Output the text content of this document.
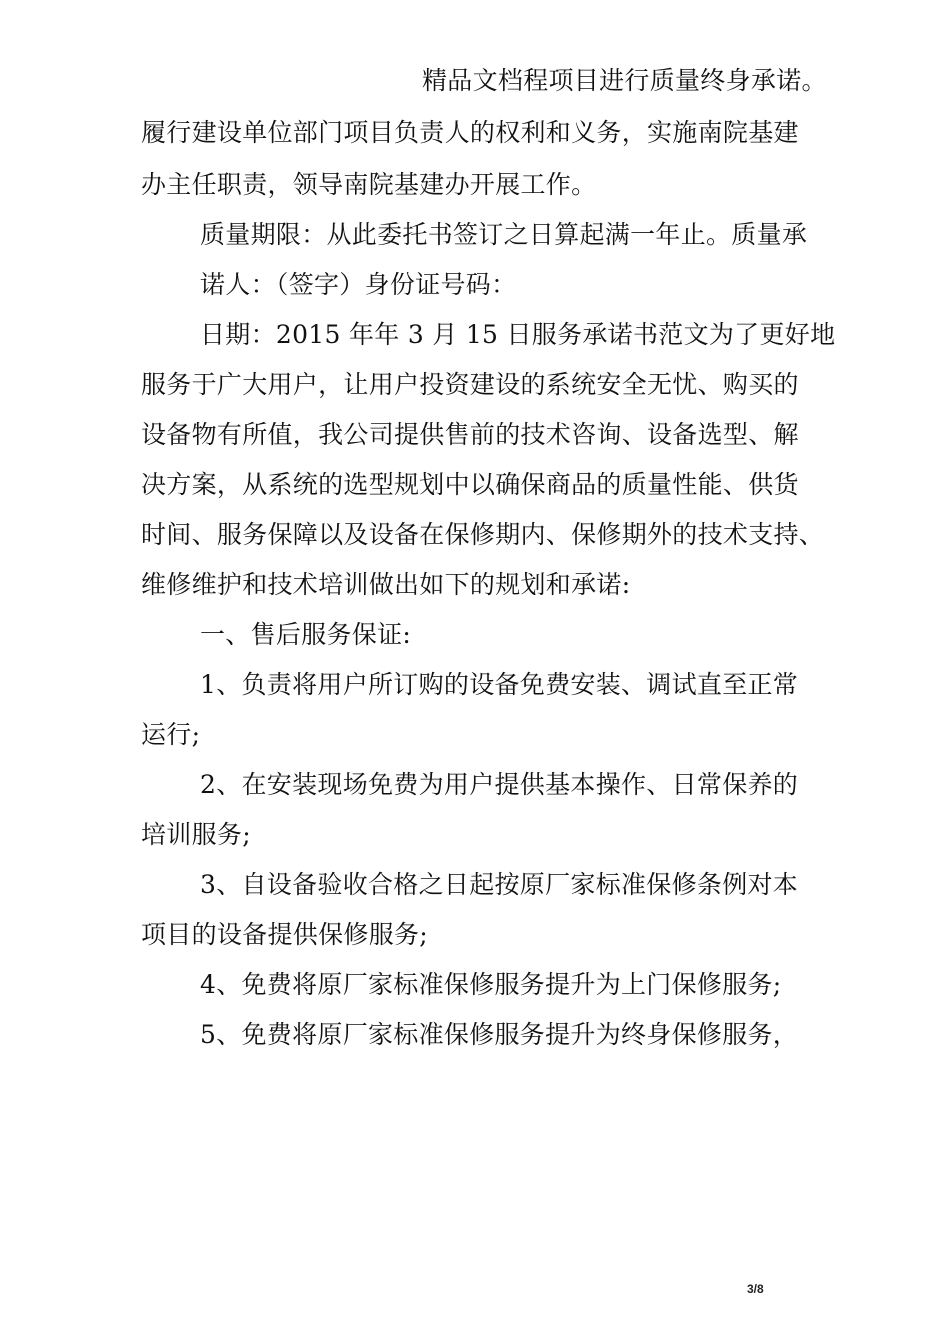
精品文档程项目进行质量终身承诺。
履行建设单位部门项目负责人的权利和义务，实施南院基建
办主任职责，领导南院基建办开展工作。
质量期限：从此委托书签订之日算起满一年止。质量承
诺人：（签字）身份证号码：
日期：2015 年年 3 月 15 日服务承诺书范文为了更好地
服务于广大用户，让用户投资建设的系统安全无忧、购买的
设备物有所值，我公司提供售前的技术咨询、设备选型、解
决方案，从系统的选型规划中以确保商品的质量性能、供货
时间、服务保障以及设备在保修期内、保修期外的技术支持、
维修维护和技术培训做出如下的规划和承诺:
一、售后服务保证:
1、负责将用户所订购的设备免费安装、调试直至正常
运行;
2、在安装现场免费为用户提供基本操作、日常保养的
培训服务;
3、自设备验收合格之日起按原厂家标准保修条例对本
项目的设备提供保修服务;
4、免费将原厂家标准保修服务提升为上门保修服务;
5、免费将原厂家标准保修服务提升为终身保修服务，
3/8
